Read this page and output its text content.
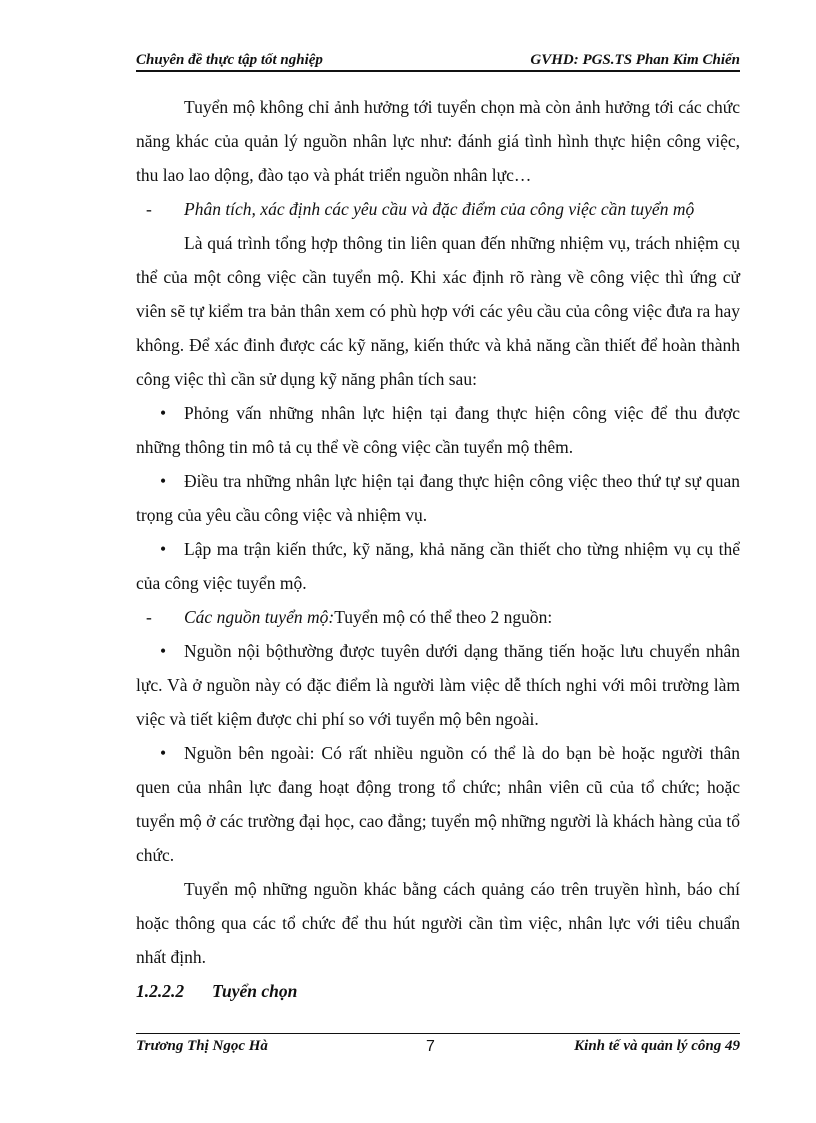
Chuyên đề thực tập tốt nghiệp	GVHD: PGS.TS Phan Kim Chiến

Tuyển mộ không chỉ ảnh hưởng tới tuyển chọn mà còn ảnh hưởng tới các chức năng khác của quản lý nguồn nhân lực như: đánh giá tình hình thực hiện công việc, thu lao lao dộng, đào tạo và phát triển nguồn nhân lực…

- Phân tích, xác định các yêu cầu và đặc điểm của công việc cần tuyển mộ

Là quá trình tổng hợp thông tin liên quan đến những nhiệm vụ, trách nhiệm cụ thể của một công việc cần tuyển mộ. Khi xác định rõ ràng về công việc thì ứng cử viên sẽ tự kiểm tra bản thân xem có phù hợp với các yêu cầu của công việc đưa ra hay không. Để xác đinh được các kỹ năng, kiến thức và khả năng cần thiết để hoàn thành công việc thì cần sử dụng kỹ năng phân tích sau:

• Phỏng vấn những nhân lực hiện tại đang thực hiện công việc để thu được những thông tin mô tả cụ thể về công việc cần tuyển mộ thêm.
• Điều tra những nhân lực hiện tại đang thực hiện công việc theo thứ tự sự quan trọng của yêu cầu công việc và nhiệm vụ.
• Lập ma trận kiến thức, kỹ năng, khả năng cần thiết cho từng nhiệm vụ cụ thể của công việc tuyển mộ.
- Các nguồn tuyển mộ:Tuyển mộ có thể theo 2 nguồn:
• Nguồn nội bộthường được tuyên dưới dạng thăng tiến hoặc lưu chuyển nhân lực. Và ở nguồn này có đặc điểm là người làm việc dễ thích nghi với môi trường làm việc và tiết kiệm được chi phí so với tuyển mộ bên ngoài.
• Nguồn bên ngoài: Có rất nhiều nguồn có thể là do bạn bè hoặc người thân quen của nhân lực đang hoạt động trong tổ chức; nhân viên cũ của tổ chức; hoặc tuyển mộ ở các trường đại học, cao đẳng; tuyển mộ những người là khách hàng của tổ chức.

Tuyển mộ những nguồn khác bằng cách quảng cáo trên truyền hình, báo chí hoặc thông qua các tổ chức để thu hút người cần tìm việc, nhân lực với tiêu chuẩn nhất định.

1.2.2.2 Tuyển chọn
Trương Thị Ngọc Hà	7	Kinh tế và quản lý công 49
